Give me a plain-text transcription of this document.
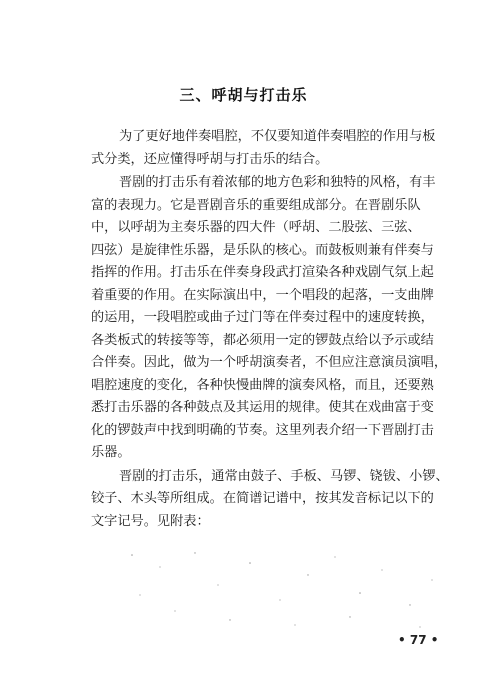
三、呼胡与打击乐
为了更好地伴奏唱腔，不仅要知道伴奏唱腔的作用与板
式分类，还应懂得呼胡与打击乐的结合。
晋剧的打击乐有着浓郁的地方色彩和独特的风格，有丰
富的表现力。它是晋剧音乐的重要组成部分。在晋剧乐队
中，以呼胡为主奏乐器的四大件（呼胡、二股弦、三弦、
四弦）是旋律性乐器，是乐队的核心。而鼓板则兼有伴奏与
指挥的作用。打击乐在伴奏身段武打渲染各种戏剧气氛上起
着重要的作用。在实际演出中，一个唱段的起落，一支曲牌
的运用，一段唱腔或曲子过门等在伴奏过程中的速度转换，
各类板式的转接等等，都必须用一定的锣鼓点给以予示或结
合伴奏。因此，做为一个呼胡演奏者，不但应注意演员演唱，
唱腔速度的变化，各种快慢曲牌的演奏风格，而且，还要熟
悉打击乐器的各种鼓点及其运用的规律。使其在戏曲富于变
化的锣鼓声中找到明确的节奏。这里列表介绍一下晋剧打击
乐器。
晋剧的打击乐，通常由鼓子、手板、马锣、铙钹、小锣、
铰子、木头等所组成。在简谱记谱中，按其发音标记以下的
文字记号。见附表：
• 77 •
